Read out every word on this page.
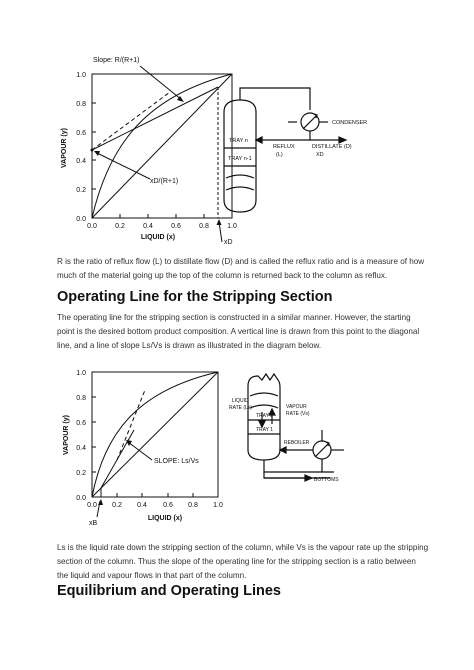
1.0
0.8
0.6
0.4
0.2
0.0
0.0	0.2	0.4	0.6	0.8	1.0
LIQUID (x)
VAPOUR (y)
xD
Slope: R/(R+1)
xD/(R+1)
TRAY n
TRAY n-1
CONDENSER
REFLUX
(L)
DISTILLATE (D)
XD

R is the ratio of reflux flow (L) to distillate flow (D) and is called the reflux ratio and is a measure of how much of the material going up the top of the column is returned back to the column as reflux.

Operating Line for the Stripping Section

The operating line for the stripping section is constructed in a similar manner. However, the starting point is the desired bottom product composition. A vertical line is drawn from this point to the diagonal line, and a line of slope Ls/Vs is drawn as illustrated in the diagram below.

1.0
0.8
0.6
0.4
0.2
0.0
0.0 0.2 0.4 0.6 0.8 1.0
LIQUID (x)
VAPOUR (y)
xB
SLOPE: Ls/Vs
LIQUID
RATE (Ls)
TRAY 2
TRAY 1
VAPOUR
RATE (Vs)
REBOILER
BOTTOMS

Ls is the liquid rate down the stripping section of the column, while Vs is the vapour rate up the stripping section of the column. Thus the slope of the operating line for the stripping section is a ratio between the liquid and vapour flows in that part of the column.

Equilibrium and Operating Lines
